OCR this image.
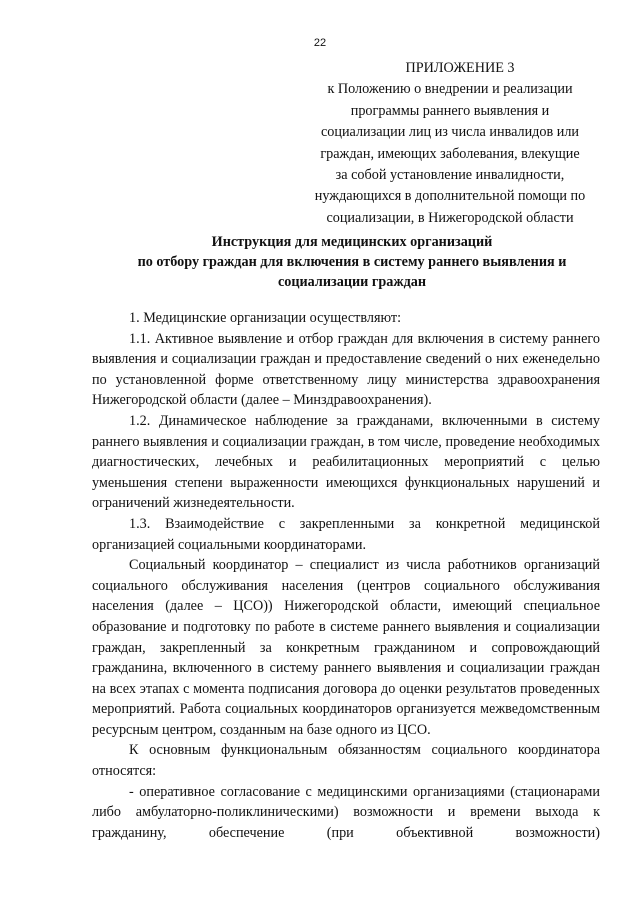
22
ПРИЛОЖЕНИЕ 3
к Положению о внедрении и реализации
программы раннего выявления и
социализации лиц из числа инвалидов или
граждан, имеющих заболевания, влекущие
за собой установление инвалидности,
нуждающихся в дополнительной помощи по
социализации, в Нижегородской области
Инструкция для медицинских организаций
по отбору граждан для включения в систему раннего выявления и
социализации граждан

1. Медицинские организации осуществляют:

1.1. Активное выявление и отбор граждан для включения в систему раннего выявления и социализации граждан и предоставление сведений о них еженедельно по установленной форме ответственному лицу министерства здравоохранения Нижегородской области (далее – Минздравоохранения).

1.2. Динамическое наблюдение за гражданами, включенными в систему раннего выявления и социализации граждан, в том числе, проведение необходимых диагностических, лечебных и реабилитационных мероприятий с целью уменьшения степени выраженности имеющихся функциональных нарушений и ограничений жизнедеятельности.

1.3. Взаимодействие с закрепленными за конкретной медицинской организацией социальными координаторами.

Социальный координатор – специалист из числа работников организаций социального обслуживания населения (центров социального обслуживания населения (далее – ЦСО)) Нижегородской области, имеющий специальное образование и подготовку по работе в системе раннего выявления и социализации граждан, закрепленный за конкретным гражданином и сопровождающий гражданина, включенного в систему раннего выявления и социализации граждан на всех этапах с момента подписания договора до оценки результатов проведенных мероприятий. Работа социальных координаторов организуется межведомственным ресурсным центром, созданным на базе одного из ЦСО.

К основным функциональным обязанностям социального координатора относятся:

- оперативное согласование с медицинскими организациями (стационарами либо амбулаторно-поликлиническими) возможности и времени выхода к гражданину, обеспечение (при объективной возможности)
